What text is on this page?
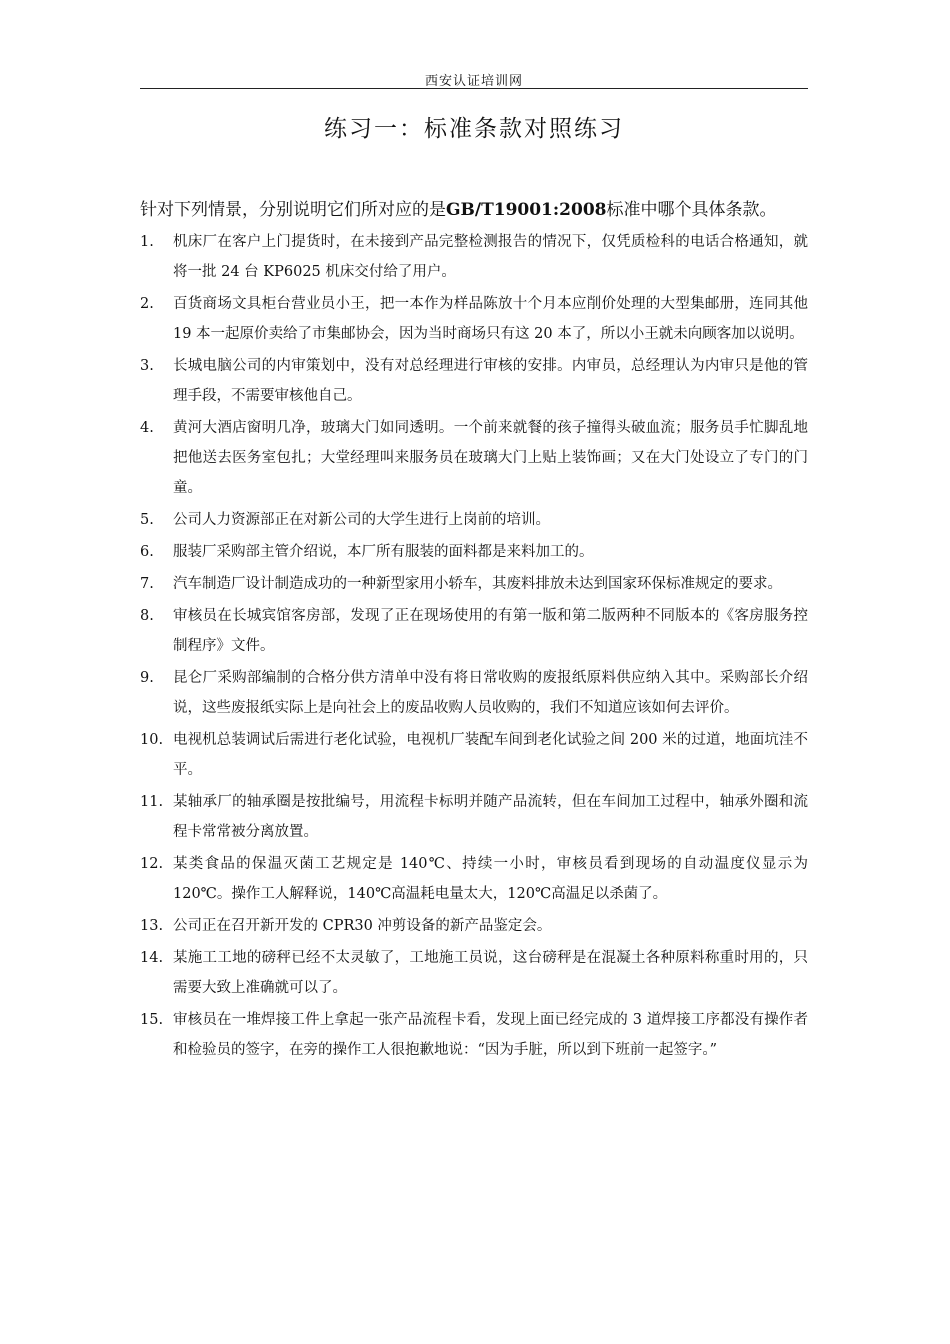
西安认证培训网
练习一：标准条款对照练习
针对下列情景，分别说明它们所对应的是GB/T19001:2008标准中哪个具体条款。
1.	机床厂在客户上门提货时，在未接到产品完整检测报告的情况下，仅凭质检科的电话合格通知，就将一批 24 台 KP6025 机床交付给了用户。
2.	百货商场文具柜台营业员小王，把一本作为样品陈放十个月本应削价处理的大型集邮册，连同其他 19 本一起原价卖给了市集邮协会，因为当时商场只有这 20 本了，所以小王就未向顾客加以说明。
3.	长城电脑公司的内审策划中，没有对总经理进行审核的安排。内审员，总经理认为内审只是他的管理手段，不需要审核他自己。
4.	黄河大酒店窗明几净，玻璃大门如同透明。一个前来就餐的孩子撞得头破血流；服务员手忙脚乱地把他送去医务室包扎；大堂经理叫来服务员在玻璃大门上贴上装饰画；又在大门处设立了专门的门童。
5.	公司人力资源部正在对新公司的大学生进行上岗前的培训。
6.	服装厂采购部主管介绍说，本厂所有服装的面料都是来料加工的。
7.	汽车制造厂设计制造成功的一种新型家用小轿车，其废料排放未达到国家环保标准规定的要求。
8.	审核员在长城宾馆客房部，发现了正在现场使用的有第一版和第二版两种不同版本的《客房服务控制程序》文件。
9.	昆仑厂采购部编制的合格分供方清单中没有将日常收购的废报纸原料供应纳入其中。采购部长介绍说，这些废报纸实际上是向社会上的废品收购人员收购的，我们不知道应该如何去评价。
10. 电视机总装调试后需进行老化试验，电视机厂装配车间到老化试验之间 200 米的过道，地面坑洼不平。
11. 某轴承厂的轴承圈是按批编号，用流程卡标明并随产品流转，但在车间加工过程中，轴承外圈和流程卡常常被分离放置。
12. 某类食品的保温灭菌工艺规定是 140℃、持续一小时，审核员看到现场的自动温度仪显示为 120℃。操作工人解释说，140℃高温耗电量太大，120℃高温足以杀菌了。
13. 公司正在召开新开发的 CPR30 冲剪设备的新产品鉴定会。
14. 某施工工地的磅秤已经不太灵敏了，工地施工员说，这台磅秤是在混凝土各种原料称重时用的，只需要大致上准确就可以了。
15. 审核员在一堆焊接工件上拿起一张产品流程卡看，发现上面已经完成的 3 道焊接工序都没有操作者和检验员的签字，在旁的操作工人很抱歉地说：“因为手脏，所以到下班前一起签字。”
